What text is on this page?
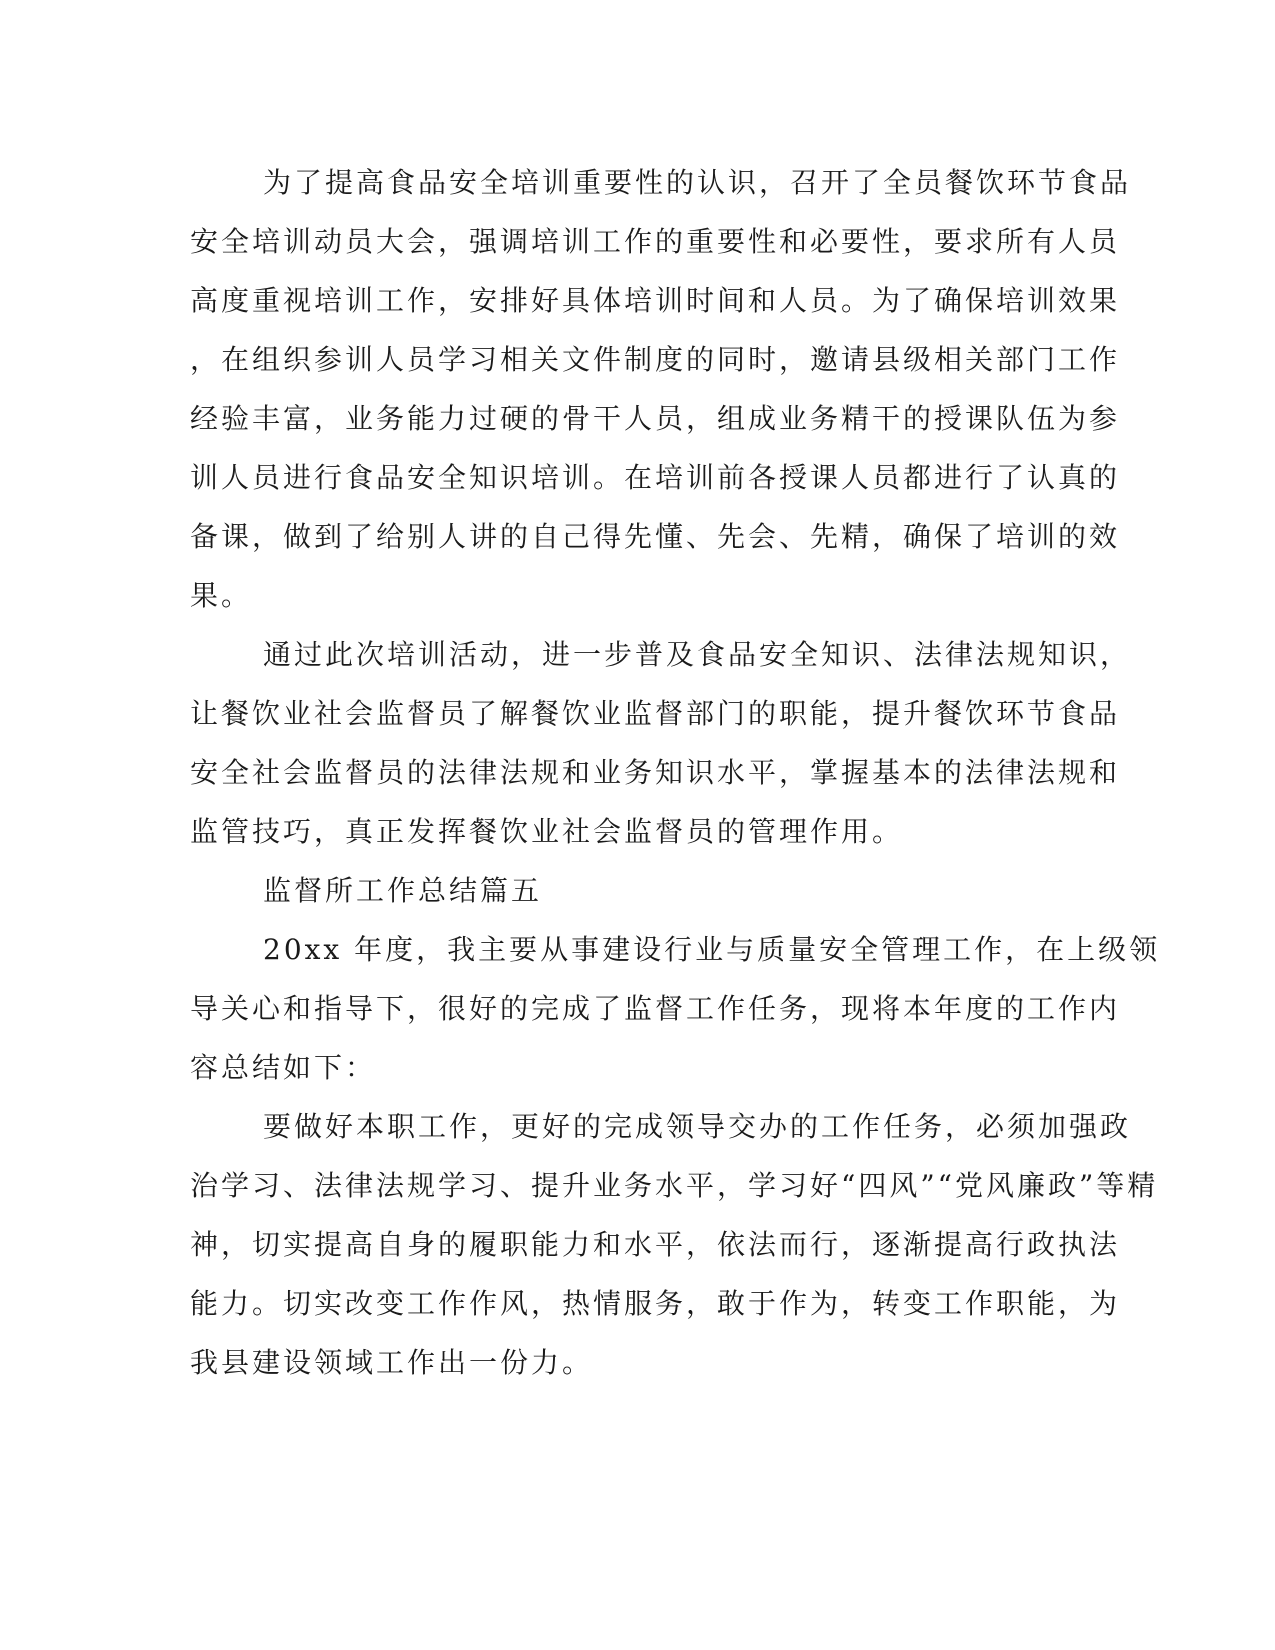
为了提高食品安全培训重要性的认识，召开了全员餐饮环节食品

安全培训动员大会，强调培训工作的重要性和必要性，要求所有人员

高度重视培训工作，安排好具体培训时间和人员。为了确保培训效果

，在组织参训人员学习相关文件制度的同时，邀请县级相关部门工作

经验丰富，业务能力过硬的骨干人员，组成业务精干的授课队伍为参

训人员进行食品安全知识培训。在培训前各授课人员都进行了认真的

备课，做到了给别人讲的自己得先懂、先会、先精，确保了培训的效

果。

通过此次培训活动，进一步普及食品安全知识、法律法规知识，

让餐饮业社会监督员了解餐饮业监督部门的职能，提升餐饮环节食品

安全社会监督员的法律法规和业务知识水平，掌握基本的法律法规和

监管技巧，真正发挥餐饮业社会监督员的管理作用。

监督所工作总结篇五

20xx 年度，我主要从事建设行业与质量安全管理工作，在上级领

导关心和指导下，很好的完成了监督工作任务，现将本年度的工作内

容总结如下：

要做好本职工作，更好的完成领导交办的工作任务，必须加强政

治学习、法律法规学习、提升业务水平，学习好“四风”“党风廉政”等精

神，切实提高自身的履职能力和水平，依法而行，逐渐提高行政执法

能力。切实改变工作作风，热情服务，敢于作为，转变工作职能，为

我县建设领域工作出一份力。
